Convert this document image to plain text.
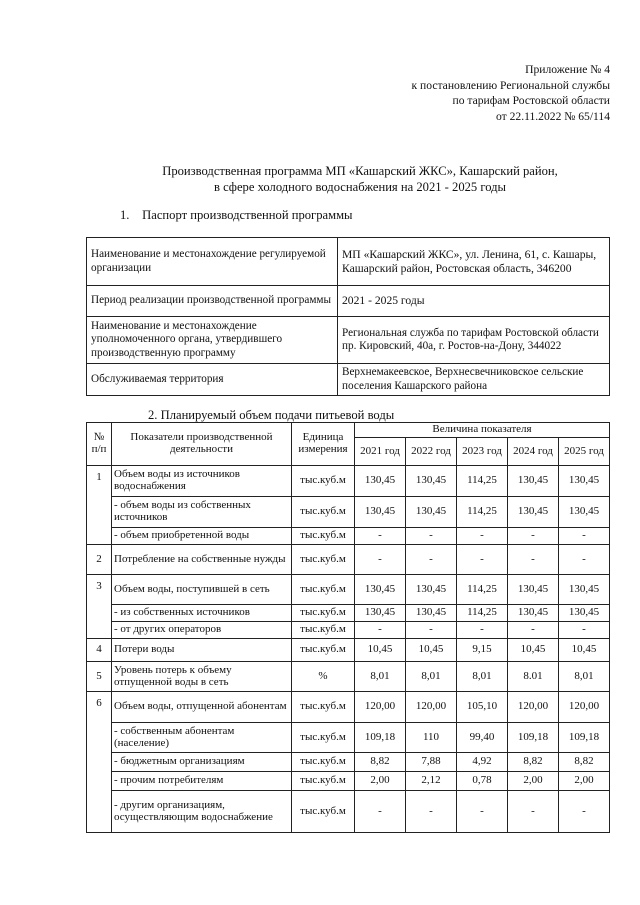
Приложение № 4
к постановлению Региональной службы
по тарифам Ростовской области
от 22.11.2022 № 65/114
Производственная программа МП «Кашарский ЖКС», Кашарский район,
в сфере холодного водоснабжения на 2021 - 2025 годы
1. Паспорт производственной программы
Наименование и местонахождение регулируемой организации	МП «Кашарский ЖКС», ул. Ленина, 61, с. Кашары, Кашарский район, Ростовская область, 346200
Период реализации производственной программы	2021 - 2025 годы
Наименование и местонахождение уполномоченного органа, утвердившего производственную программу	Региональная служба по тарифам Ростовской области пр. Кировский, 40а, г. Ростов-на-Дону, 344022
Обслуживаемая территория	Верхнемакеевское, Верхнесвечниковское сельские поселения Кашарского района
2. Планируемый объем подачи питьевой воды
№ п/п	Показатели производственной деятельности	Единица измерения	Величина показателя				
			2021 год	2022 год	2023 год	2024 год	2025 год
1	Объем воды из источников водоснабжения	тыс.куб.м	130,45	130,45	114,25	130,45	130,45
	- объем воды из собственных источников	тыс.куб.м	130,45	130,45	114,25	130,45	130,45
	- объем приобретенной воды	тыс.куб.м	-	-	-	-	-
2	Потребление на собственные нужды	тыс.куб.м	-	-	-	-	-
3	Объем воды, поступившей в сеть	тыс.куб.м	130,45	130,45	114,25	130,45	130,45
	- из собственных источников	тыс.куб.м	130,45	130,45	114,25	130,45	130,45
	- от других операторов	тыс.куб.м	-	-	-	-	-
4	Потери воды	тыс.куб.м	10,45	10,45	9,15	10,45	10,45
5	Уровень потерь к объему отпущенной воды в сеть	%	8,01	8,01	8,01	8.01	8,01
6	Объем воды, отпущенной абонентам	тыс.куб.м	120,00	120,00	105,10	120,00	120,00
	- собственным абонентам (население)	тыс.куб.м	109,18	110	99,40	109,18	109,18
	- бюджетным организациям	тыс.куб.м	8,82	7,88	4,92	8,82	8,82
	- прочим потребителям	тыс.куб.м	2,00	2,12	0,78	2,00	2,00
	- другим организациям, осуществляющим водоснабжение	тыс.куб.м	-	-	-	-	-
